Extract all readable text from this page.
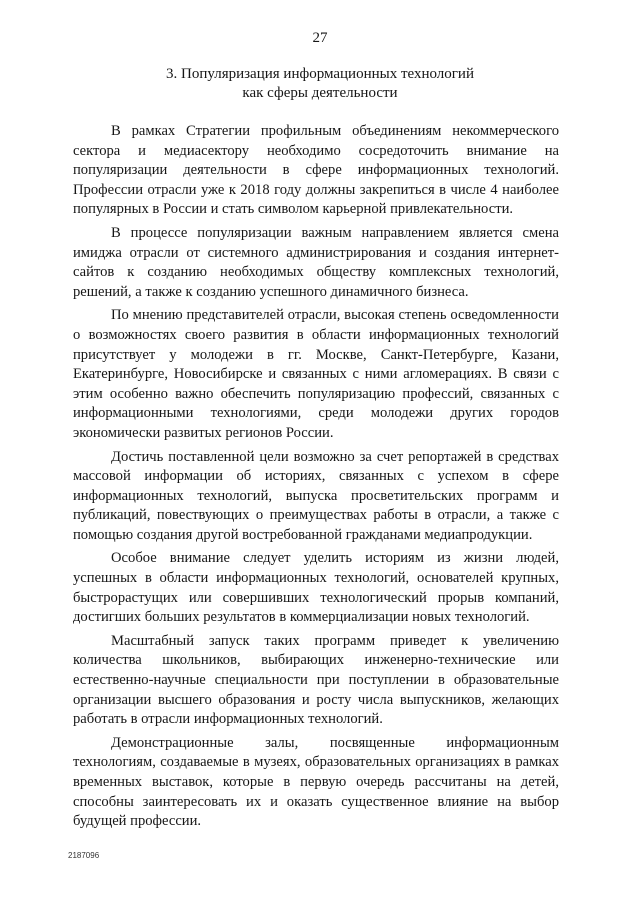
27
3. Популяризация информационных технологий
как сферы деятельности

В рамках Стратегии профильным объединениям некоммерческого сектора и медиасектору необходимо сосредоточить внимание на популяризации деятельности в сфере информационных технологий. Профессии отрасли уже к 2018 году должны закрепиться в числе 4 наиболее популярных в России и стать символом карьерной привлекательности.

В процессе популяризации важным направлением является смена имиджа отрасли от системного администрирования и создания интернет-сайтов к созданию необходимых обществу комплексных технологий, решений, а также к созданию успешного динамичного бизнеса.

По мнению представителей отрасли, высокая степень осведомленности о возможностях своего развития в области информационных технологий присутствует у молодежи в гг. Москве, Санкт-Петербурге, Казани, Екатеринбурге, Новосибирске и связанных с ними агломерациях. В связи с этим особенно важно обеспечить популяризацию профессий, связанных с информационными технологиями, среди молодежи других городов экономически развитых регионов России.

Достичь поставленной цели возможно за счет репортажей в средствах массовой информации об историях, связанных с успехом в сфере информационных технологий, выпуска просветительских программ и публикаций, повествующих о преимуществах работы в отрасли, а также с помощью создания другой востребованной гражданами медиапродукции.

Особое внимание следует уделить историям из жизни людей, успешных в области информационных технологий, основателей крупных, быстрорастущих или совершивших технологический прорыв компаний, достигших больших результатов в коммерциализации новых технологий.

Масштабный запуск таких программ приведет к увеличению количества школьников, выбирающих инженерно-технические или естественно-научные специальности при поступлении в образовательные организации высшего образования и росту числа выпускников, желающих работать в отрасли информационных технологий.

Демонстрационные залы, посвященные информационным технологиям, создаваемые в музеях, образовательных организациях в рамках временных выставок, которые в первую очередь рассчитаны на детей, способны заинтересовать их и оказать существенное влияние на выбор будущей профессии.

2187096
